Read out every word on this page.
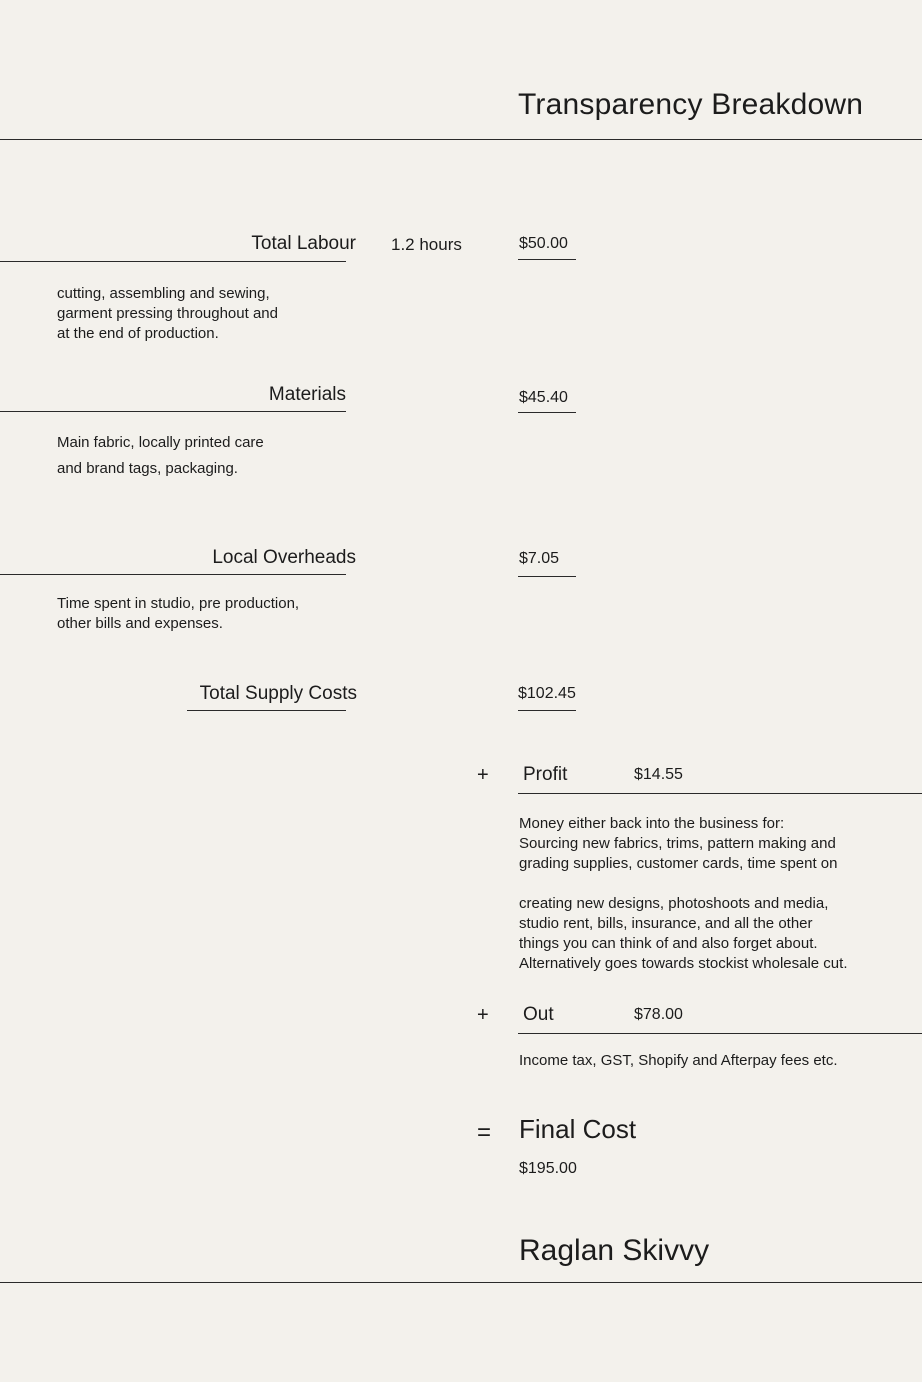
Transparency Breakdown
Total Labour 1.2 hours	$50.00
cutting, assembling and sewing,
garment pressing throughout and
at the end of production.
Materials	$45.40
Main fabric, locally printed care
and brand tags, packaging.
Local Overheads	$7.05
Time spent in studio, pre production,
other bills and expenses.
Total Supply Costs	$102.45
+ Profit	$14.55
Money either back into the business for:
Sourcing new fabrics, trims, pattern making and
grading supplies, customer cards, time spent on
creating new designs, photoshoots and media,
studio rent, bills, insurance, and all the other
things you can think of and also forget about.
Alternatively goes towards stockist wholesale cut.
+ Out	$78.00
Income tax, GST, Shopify and Afterpay fees etc.
= Final Cost
$195.00
Raglan Skivvy
